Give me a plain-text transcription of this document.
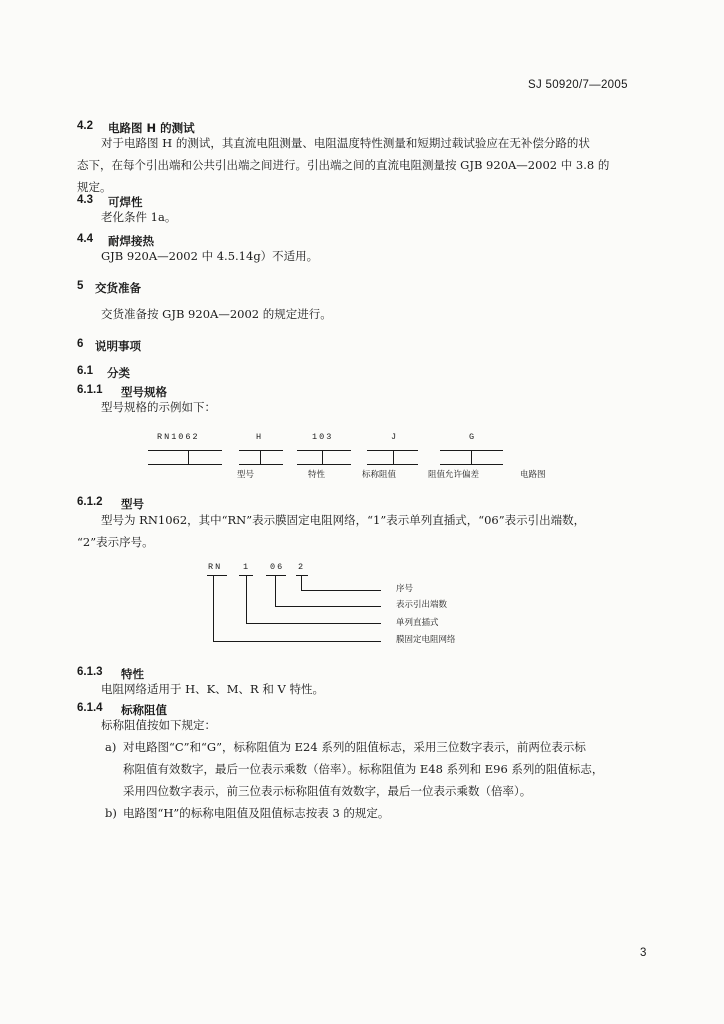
SJ 50920/7—2005
4.2 电路图 H 的测试
对于电路图 H 的测试，其直流电阻测量、电阻温度特性测量和短期过载试验应在无补偿分路的状
态下，在每个引出端和公共引出端之间进行。引出端之间的直流电阻测量按 GJB 920A—2002 中 3.8 的
规定。
4.3 可焊性
老化条件 1a。
4.4 耐焊接热
GJB 920A—2002 中 4.5.14g）不适用。
5 交货准备
交货准备按 GJB 920A—2002 的规定进行。
6 说明事项
6.1 分类
6.1.1 型号规格
型号规格的示例如下：
RN1062	H	103	J	G
型号	特性	标称阻值	阻值允许偏差	电路图
6.1.2 型号
型号为 RN1062，其中“RN”表示膜固定电阻网络，“1”表示单列直插式，“06”表示引出端数，
“2”表示序号。
RN 1 06 2
序号
表示引出端数
单列直插式
膜固定电阻网络
6.1.3 特性
电阻网络适用于 H、K、M、R 和 V 特性。
6.1.4 标称阻值
标称阻值按如下规定：
a) 对电路图“C”和“G”，标称阻值为 E24 系列的阻值标志，采用三位数字表示，前两位表示标
称阻值有效数字，最后一位表示乘数（倍率）。标称阻值为 E48 系列和 E96 系列的阻值标志，
采用四位数字表示，前三位表示标称阻值有效数字，最后一位表示乘数（倍率）。
b) 电路图“H”的标称电阻值及阻值标志按表 3 的规定。
3
